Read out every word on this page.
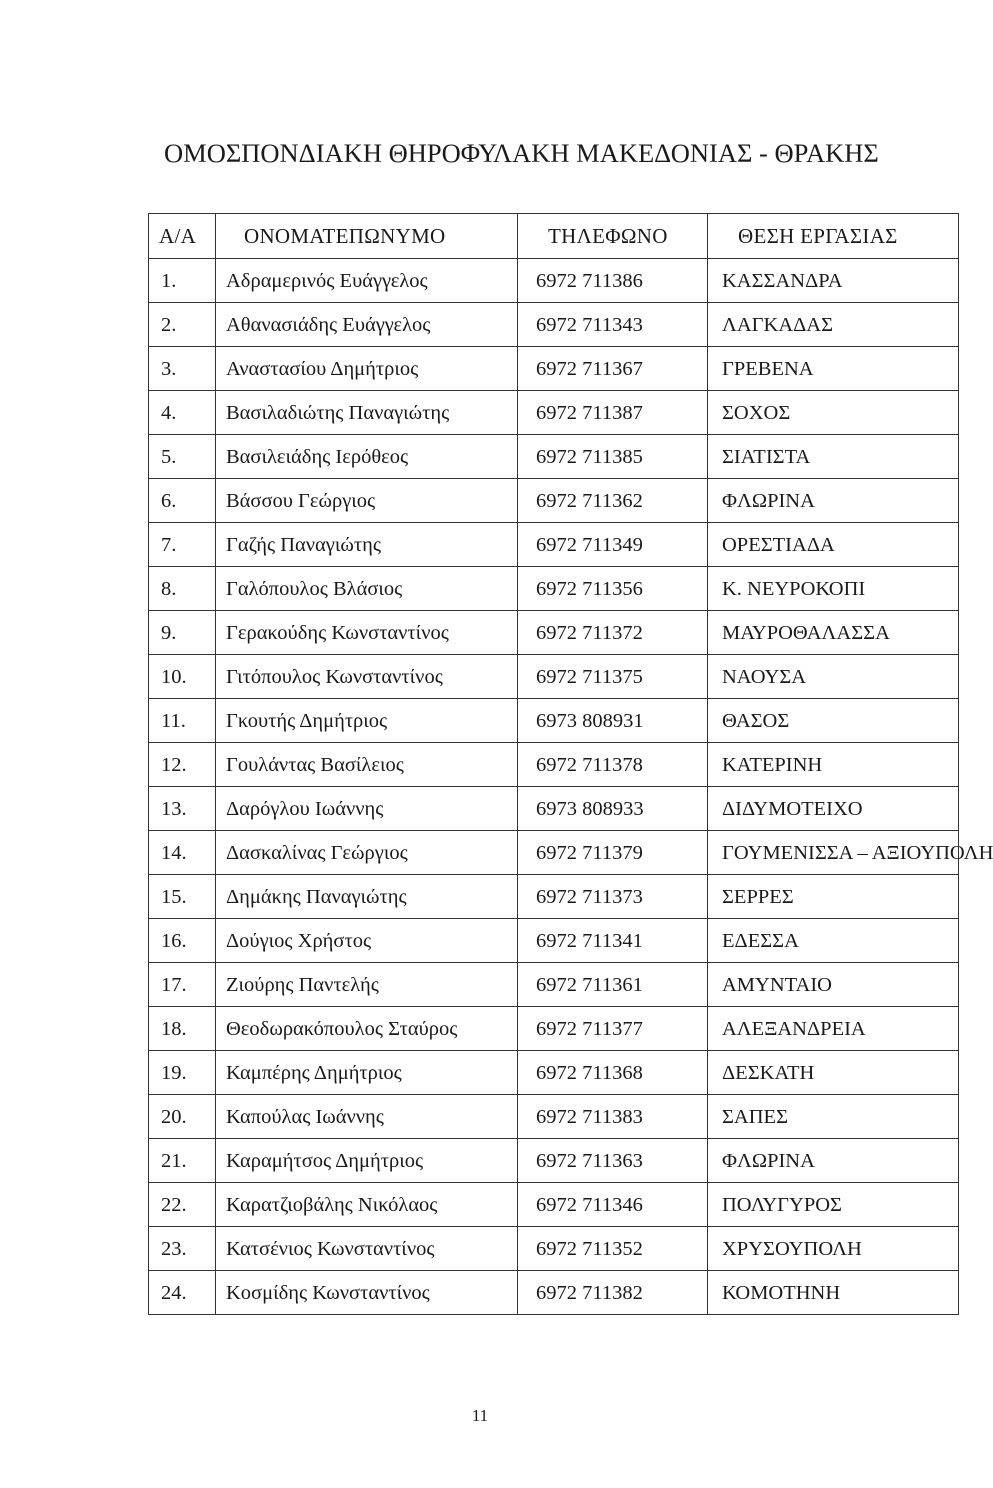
ΟΜΟΣΠΟΝΔΙΑΚΗ ΘΗΡΟΦΥΛΑΚΗ ΜΑΚΕΔΟΝΙΑΣ - ΘΡΑΚΗΣ
Α/Α	ΟΝΟΜΑΤΕΠΩΝΥΜΟ	ΤΗΛΕΦΩΝΟ	ΘΕΣΗ ΕΡΓΑΣΙΑΣ
1.	Αδραμερινός Ευάγγελος	6972 711386	ΚΑΣΣΑΝΔΡΑ
2.	Αθανασιάδης Ευάγγελος	6972 711343	ΛΑΓΚΑΔΑΣ
3.	Αναστασίου Δημήτριος	6972 711367	ΓΡΕΒΕΝΑ
4.	Βασιλαδιώτης Παναγιώτης	6972 711387	ΣΟΧΟΣ
5.	Βασιλειάδης Ιερόθεος	6972 711385	ΣΙΑΤΙΣΤΑ
6.	Βάσσου Γεώργιος	6972 711362	ΦΛΩΡΙΝΑ
7.	Γαζής Παναγιώτης	6972 711349	ΟΡΕΣΤΙΑΔΑ
8.	Γαλόπουλος Βλάσιος	6972 711356	Κ. ΝΕΥΡΟΚΟΠΙ
9.	Γερακούδης Κωνσταντίνος	6972 711372	ΜΑΥΡΟΘΑΛΑΣΣΑ
10.	Γιτόπουλος Κωνσταντίνος	6972 711375	ΝΑΟΥΣΑ
11.	Γκουτής Δημήτριος	6973 808931	ΘΑΣΟΣ
12.	Γουλάντας Βασίλειος	6972 711378	ΚΑΤΕΡΙΝΗ
13.	Δαρόγλου Ιωάννης	6973 808933	ΔΙΔΥΜΟΤΕΙΧΟ
14.	Δασκαλίνας Γεώργιος	6972 711379	ΓΟΥΜΕΝΙΣΣΑ – ΑΞΙΟΥΠΟΛΗ
15.	Δημάκης Παναγιώτης	6972 711373	ΣΕΡΡΕΣ
16.	Δούγιος Χρήστος	6972 711341	ΕΔΕΣΣΑ
17.	Ζιούρης Παντελής	6972 711361	ΑΜΥΝΤΑΙΟ
18.	Θεοδωρακόπουλος Σταύρος	6972 711377	ΑΛΕΞΑΝΔΡΕΙΑ
19.	Καμπέρης Δημήτριος	6972 711368	ΔΕΣΚΑΤΗ
20.	Καπούλας Ιωάννης	6972 711383	ΣΑΠΕΣ
21.	Καραμήτσος Δημήτριος	6972 711363	ΦΛΩΡΙΝΑ
22.	Καρατζιοβάλης Νικόλαος	6972 711346	ΠΟΛΥΓΥΡΟΣ
23.	Κατσένιος Κωνσταντίνος	6972 711352	ΧΡΥΣΟΥΠΟΛΗ
24.	Κοσμίδης Κωνσταντίνος	6972 711382	ΚΟΜΟΤΗΝΗ
11
